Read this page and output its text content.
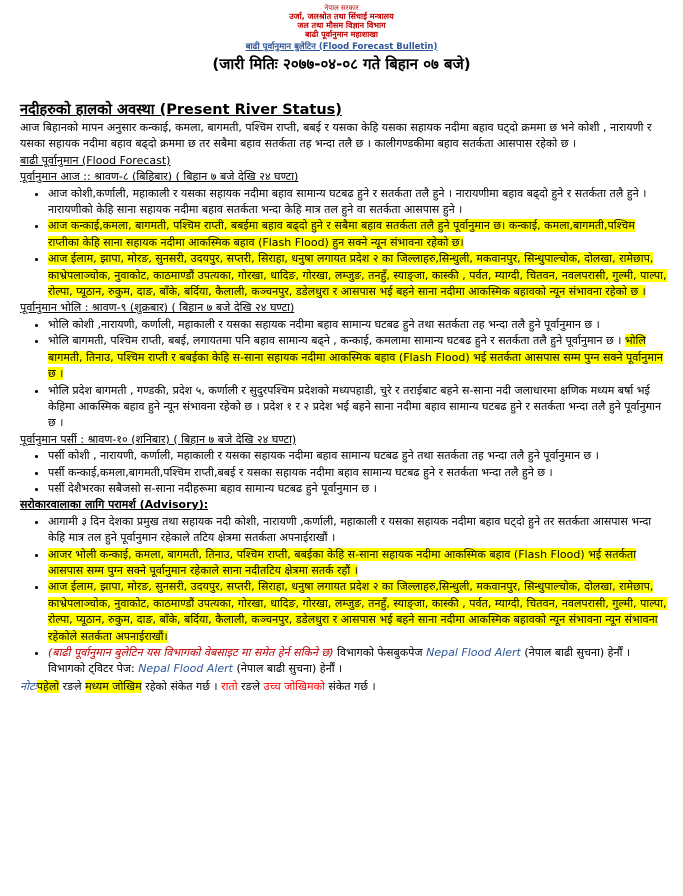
नेपाल सरकार
उर्जा, जलश्रोत तथा सिंचाई मन्त्रालय
जल तथा मौसम विज्ञान विभाग
बाढी पूर्वानुमान महाशाखा
बाढी पूर्वानुमान बुलेटिन (Flood Forecast Bulletin)
(जारी मितिः २०७७-०४-०८ गते बिहान ०७ बजे)
नदीहरुको हालको अवस्था (Present River Status)

आज बिहानको मापन अनुसार कन्काई, कमला, बागमती, पश्चिम राप्ती, बबई र यसका केहि यसका सहायक नदीमा बहाव घट्दो क्रममा छ भने कोशी , नारायणी र यसका सहायक नदीमा बहाव बढ्दो क्रममा छ तर सबैमा बहाव सतर्कता तह भन्दा तलै छ । कालीगण्डकीमा बहाव सतर्कता आसपास रहेको छ ।

बाढी पूर्वानुमान (Flood Forecast)

पूर्वानुमान आज :: श्रावण-८ (बिहिबार) ( बिहान ७ बजे देखि २४ घण्टा)

• आज कोशी,कर्णाली, महाकाली र यसका सहायक नदीमा बहाव सामान्य घटबढ हुने र सतर्कता तलै हुने । नारायणीमा बहाव बढ्दो हुने र सतर्कता तलै हुने । नारायणीको केहि साना सहायक नदीमा बहाव सतर्कता भन्दा केहि मात्र तल हुने वा सतर्कता आसपास हुने ।
• आज कन्काई,कमला, बागमती, पश्चिम राप्ती, बबईमा बहाव बढ्दो हुने र सबैमा बहाव सतर्कता तलै हुने पूर्वानुमान छ। कन्काई, कमला,बागमती,पश्चिम राप्तीका केहि साना सहायक नदीमा आकस्मिक बहाव (Flash Flood) हुन सक्ने न्यून संभावना रहेको छ।
• आज ईलाम, झापा, मोरङ, सुनसरी, उदयपुर, सप्तरी, सिराहा, धनुषा लगायत प्रदेश २ का जिल्लाहरु,सिन्धुली, मकवानपुर, सिन्धुपाल्चोक, दोलखा, रामेछाप, काभ्रेपलाञ्चोक, नुवाकोट, काठमाण्डौं उपत्यका, गोरखा, धादिङ, गोरखा, लम्जुङ, तनहुँ, स्याङ्जा, कास्की , पर्वत, म्याग्दी, चितवन, नवलपरासी, गुल्मी, पाल्पा, रोल्पा, प्यूठान, रुकुम, दाङ, बाँके, बर्दिया, कैलाली, कञ्चनपुर, डडेलधुरा र आसपास भई बहने साना नदीमा आकस्मिक बहावको न्यून संभावना रहेको छ ।

पूर्वानुमान भोलि : श्रावण-९ (शुक्रबार) ( बिहान ७ बजे देखि २४ घण्टा)

• भोलि कोशी ,नारायणी, कर्णाली, महाकाली र यसका सहायक नदीमा बहाव सामान्य घटबढ हुने तथा सतर्कता तह भन्दा तलै हुने पूर्वानुमान छ ।
• भोलि बागमती, पश्चिम राप्ती, बबई, लगायतमा पनि बहाव सामान्य बढ्ने , कन्काई, कमलामा सामान्य घटबढ हुने र सतर्कता तलै हुने पूर्वानुमान छ । भोलि बागमती, तिनाउ, पश्चिम राप्ती र बबईका केहि स-साना सहायक नदीमा आकस्मिक बहाव (Flash Flood) भई सतर्कता आसपास सम्म पुग्न सक्ने पूर्वानुमान छ ।
• भोलि प्रदेश बागमती , गण्डकी, प्रदेश ५, कर्णाली र सुदुरपश्चिम प्रदेशको मध्यपहाडी, चुरे र तराईबाट बहने स-साना नदी जलाधारमा क्षणिक मध्यम बर्षा भई केहिमा आकस्मिक बहाव हुने न्यून संभावना रहेको छ । प्रदेश १ र २ प्रदेश भई बहने साना नदीमा बहाव सामान्य घटबढ हुने र सतर्कता भन्दा तलै हुने पूर्वानुमान छ ।

पूर्वानुमान पर्सी : श्रावण-१० (शनिबार) ( बिहान ७ बजे देखि २४ घण्टा)

• पर्सी कोशी , नारायणी, कर्णाली, महाकाली र यसका सहायक नदीमा बहाव सामान्य घटबढ हुने तथा सतर्कता तह भन्दा तलै हुने पूर्वानुमान छ ।
• पर्सी कन्काई,कमला,बागमती,पश्चिम राप्ती,बबई र यसका सहायक नदीमा बहाव सामान्य घटबढ हुने र सतर्कता भन्दा तलै हुने छ ।
• पर्सी देशैभरका सबैजसो स-साना नदीहरूमा बहाव सामान्य घटबढ हुने पूर्वानुमान छ ।

सरोकारवालाका लागि परामर्श (Advisory):

• आगामी ३ दिन देशका प्रमुख तथा सहायक नदी कोशी, नारायणी ,कर्णाली, महाकाली र यसका सहायक नदीमा बहाव घट्दो हुने तर सतर्कता आसपास भन्दा केहि मात्र तल हुने पूर्वानुमान रहेकाले तटिय क्षेत्रमा सतर्कता अपनाईराखौं ।
• आजर भोली कन्काई, कमला, बागमती, तिनाउ, पश्चिम राप्ती, बबईका केहि स-साना सहायक नदीमा आकस्मिक बहाव (Flash Flood) भई सतर्कता आसपास सम्म पुग्न सक्ने पूर्वानुमान रहेकाले साना नदीतटिय क्षेत्रमा सतर्क रहौं ।
• आज ईलाम, झापा, मोरङ, सुनसरी, उदयपुर, सप्तरी, सिराहा, धनुषा लगायत प्रदेश २ का जिल्लाहरु,सिन्धुली, मकवानपुर, सिन्धुपाल्चोक, दोलखा, रामेछाप, काभ्रेपलाञ्चोक, नुवाकोट, काठमाण्डौं उपत्यका, गोरखा, धादिङ, गोरखा, लम्जुङ, तनहुँ, स्याङ्जा, कास्की , पर्वत, म्याग्दी, चितवन, नवलपरासी, गुल्मी, पाल्पा, रोल्पा, प्यूठान, रुकुम, दाङ, बाँके, बर्दिया, कैलाली, कञ्चनपुर, डडेलधुरा र आसपास भई बहने साना नदीमा आकस्मिक बहावको न्यून संभावना न्यून संभावना रहेकोले सतर्कता अपनाईराखौं।
• (बाढी पूर्वानुमान बुलेटिन यस विभागको वेबसाइट मा समेत हेर्न सकिने छ) विभागको फेसबुकपेज Nepal Flood Alert (नेपाल बाढी सुचना) हेर्नौं । विभागको ट्विटर पेज: Nepal Flood Alert (नेपाल बाढी सुचना) हेर्नौं ।
नोटःपहेलो रङले मध्यम जोखिम रहेको संकेत गर्छ । रातो रङले उच्च जोखिमको संकेत गर्छ ।
